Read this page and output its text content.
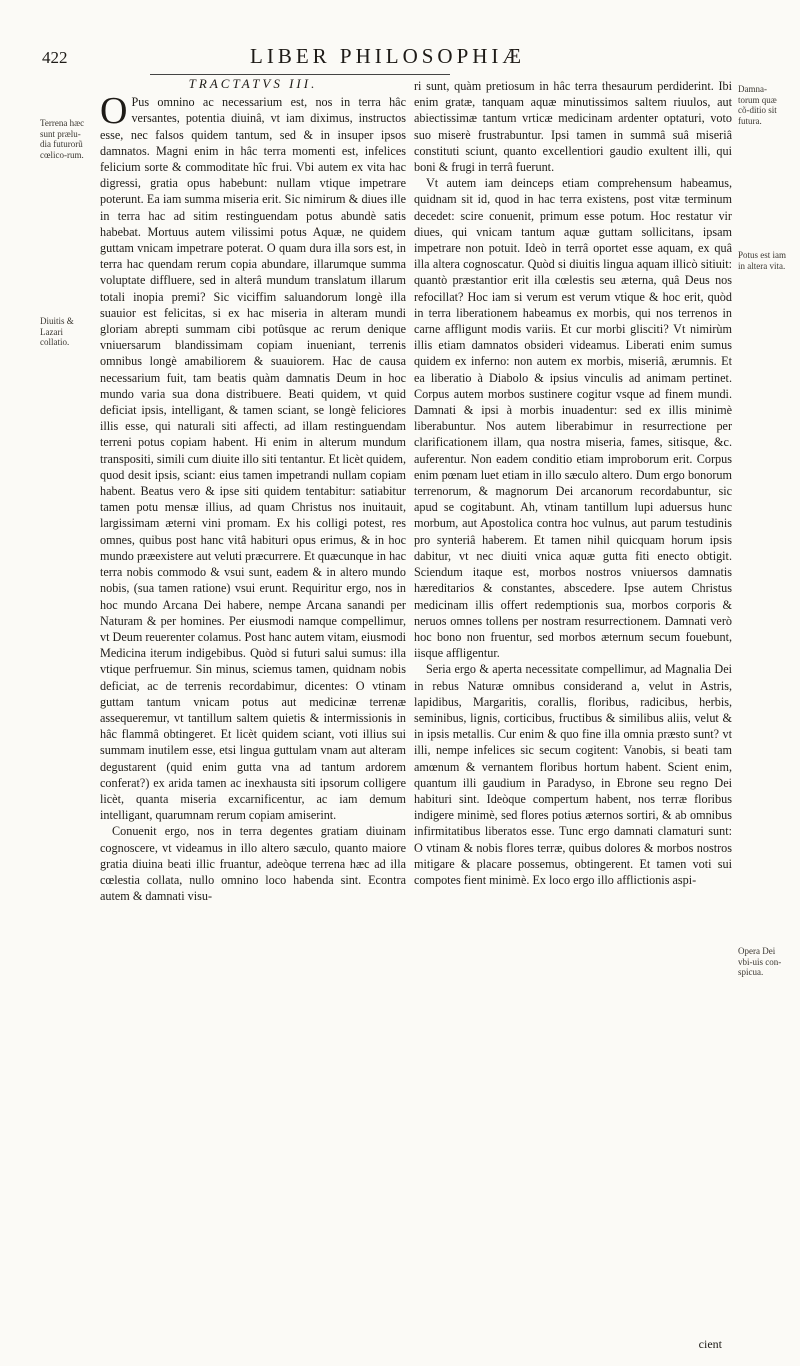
422	LIBER PHILOSOPHIÆ
TRACTATVS III.

O Pus omnino ac necessarium est, nos in terra hâc versantes, potentia diuinâ, vt iam diximus, instructos esse, nec falsos quidem tantum, sed & in insuper ipsos damnatos. Magni enim in hâc terra momenti est, infelices felicium sorte & commoditate hîc frui. Vbi autem ex vita hac digressi, gratia opus habebunt: nullam vtique impetrare poterunt. Ea iam summa miseria erit. Sic nimirum & diues ille in terra hac ad sitim restinguendam potus abundè satis habebat. Mortuus autem vilissimi potus Aquæ, ne quidem guttam vnicam impetrare poterat. O quam dura illa sors est, in terra hac quendam rerum copia abundare, illarumque summa voluptate diffluere, sed in alterâ mundum translatum illarum totali inopia premi? Sic viciffim saluandorum longè illa suauior est felicitas, si ex hac miseria in alteram mundi gloriam abrepti summam cibi potûsque ac rerum denique vniuersarum blandissimam copiam inueniant, terrenis omnibus longè amabiliorem & suauiorem. Hac de causa necessarium fuit, tam beatis quàm damnatis Deum in hoc mundo varia sua dona distribuere. Beati quidem, vt quid deficiat ipsis, intelligant, & tamen sciant, se longè feliciores illis esse, qui naturali siti affecti, ad illam restinguendam terreni potus copiam habent. Hi enim in alterum mundum transpositi, simili cum diuite illo siti tentantur. Et licèt quidem, quod desit ipsis, sciant: eius tamen impetrandi nullam copiam habent. Beatus vero & ipse siti quidem tentabitur: satiabitur tamen potu mensæ illius, ad quam Christus nos inuitauit, largissimam æterni vini promam. Ex his colligi potest, res omnes, quibus post hanc vitâ habituri opus erimus, & in hoc mundo præexistere aut veluti præcurrere. Et quæcunque in hac terra nobis commodo & vsui sunt, eadem & in altero mundo nobis, (sua tamen ratione) vsui erunt. Requiritur ergo, nos in hoc mundo Arcana Dei habere, nempe Arcana sanandi per Naturam & per homines. Per eiusmodi namque compellimur, vt Deum reuerenter colamus. Post hanc autem vitam, eiusmodi Medicina iterum indigebibus. Quòd si futuri salui sumus: illa vtique perfruemur. Sin minus, sciemus tamen, quidnam nobis deficiat, ac de terrenis recordabimur, dicentes: O vtinam guttam tantum vnicam potus aut medicinæ terrenæ assequeremur, vt tantillum saltem quietis & intermissionis in hâc flammâ obtingeret. Et licèt quidem sciant, voti illius sui summam inutilem esse, etsi lingua guttulam vnam aut alteram degustarent (quid enim gutta vna ad tantum ardorem conferat?) ex arida tamen ac inexhausta siti ipsorum colligere licèt, quanta miseria excarnificentur, ac iam demum intelligant, quarumnam rerum copiam amiserint.

Conuenit ergo, nos in terra degentes gratiam diuinam cognoscere, vt videamus in illo altero sæculo, quanto maiore gratia diuina beati illic fruantur, adeòque terrena hæc ad illa cœlestia collata, nullo omnino loco habenda sint. Econtra autem & damnati visu-

ri sunt, quàm pretiosum in hâc terra thesaurum perdiderint. Ibi enim gratæ, tanquam aquæ minutissimos saltem riuulos, aut abiectissimæ tantum vrticæ medicinam ardenter optaturi, voto suo miserè frustrabuntur. Ipsi tamen in summâ suâ miseriâ constituti sciunt, quanto excellentiori gaudio exultent illi, qui boni & frugi in terrâ fuerunt.

Vt autem iam deinceps etiam comprehensum habeamus, quidnam sit id, quod in hac terra existens, post vitæ terminum decedet: scire conuenit, primum esse potum. Hoc restatur vir diues, qui vnicam tantum aquæ guttam sollicitans, ipsam impetrare non potuit. Ideò in terrâ oportet esse aquam, ex quâ illa altera cognoscatur. Quòd si diuitis lingua aquam illicò sitiuit: quantò præstantior erit illa cœlestis seu æterna, quâ Deus nos refocillat? Hoc iam si verum est verum vtique & hoc erit, quòd in terra liberationem habeamus ex morbis, qui nos terrenos in carne affligunt modis variis. Et cur morbi glisciti? Vt nimirùm illis etiam damnatos obsideri videamus. Liberati enim sumus quidem ex inferno: non autem ex morbis, miseriâ, ærumnis. Et ea liberatio à Diabolo & ipsius vinculis ad animam pertinet. Corpus autem morbos sustinere cogitur vsque ad finem mundi. Damnati & ipsi à morbis inuadentur: sed ex illis minimè liberabuntur. Nos autem liberabimur in resurrectione per clarificationem illam, qua nostra miseria, fames, sitisque, &c. auferentur. Non eadem conditio etiam improborum erit. Corpus enim pœnam luet etiam in illo sæculo altero. Dum ergo bonorum terrenorum, & magnorum Dei arcanorum recordabuntur, sic apud se cogitabunt. Ah, vtinam tantillum lupi aduersus hunc morbum, aut Apostolica contra hoc vulnus, aut parum testudinis pro synteriâ haberem. Et tamen nihil quicquam horum ipsis dabitur, vt nec diuiti vnica aquæ gutta fiti enecto obtigit. Sciendum itaque est, morbos nostros vniuersos damnatis hæreditarios & constantes, abscedere. Ipse autem Christus medicinam illis offert redemptionis sua, morbos corporis & neruos omnes tollens per nostram resurrectionem. Damnati verò hoc bono non fruentur, sed morbos æternum secum fouebunt, iisque affligentur.

Seria ergo & aperta necessitate compellimur, ad Magnalia Dei in rebus Naturæ omnibus considerand a, velut in Astris, lapidibus, Margaritis, corallis, floribus, radicibus, herbis, seminibus, lignis, corticibus, fructibus & similibus aliis, velut & in ipsis metallis. Cur enim & quo fine illa omnia præsto sunt? vt illi, nempe infelices sic secum cogitent: Vanobis, si beati tam amœnum & vernantem floribus hortum habent. Scient enim, quantum illi gaudium in Paradyso, in Ebrone seu regno Dei habituri sint. Ideòque compertum habent, nos terræ floribus indigere minimè, sed flores potius æternos sortiri, & ab omnibus infirmitatibus liberatos esse. Tunc ergo damnati clamaturi sunt: O vtinam & nobis flores terræ, quibus dolores & morbos nostros mitigare & placare possemus, obtingerent. Et tamen voti sui compotes fient minimè. Ex loco ergo illo afflictionis aspi-

Terrena hæc sunt prælu-dia futurorũ cœlico-rum.
Diuitis & Lazari collatio.
Damna-torum quæ cõ-ditio sit futura.
Potus est iam in altera vita.
Opera Dei vbi-uis con-spicua.
cient
